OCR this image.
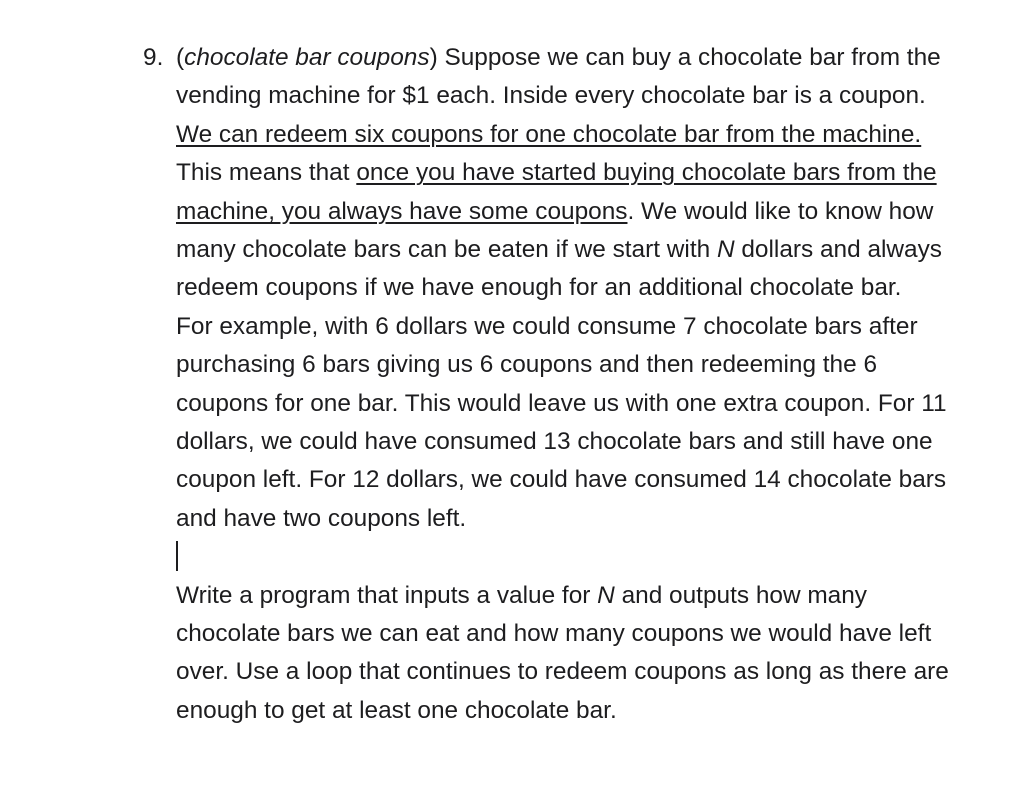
9. (chocolate bar coupons) Suppose we can buy a chocolate bar from the vending machine for $1 each. Inside every chocolate bar is a coupon. We can redeem six coupons for one chocolate bar from the machine. This means that once you have started buying chocolate bars from the machine, you always have some coupons. We would like to know how many chocolate bars can be eaten if we start with N dollars and always redeem coupons if we have enough for an additional chocolate bar.

For example, with 6 dollars we could consume 7 chocolate bars after purchasing 6 bars giving us 6 coupons and then redeeming the 6 coupons for one bar. This would leave us with one extra coupon. For 11 dollars, we could have consumed 13 chocolate bars and still have one coupon left. For 12 dollars, we could have consumed 14 chocolate bars and have two coupons left.

Write a program that inputs a value for N and outputs how many chocolate bars we can eat and how many coupons we would have left over. Use a loop that continues to redeem coupons as long as there are enough to get at least one chocolate bar.
